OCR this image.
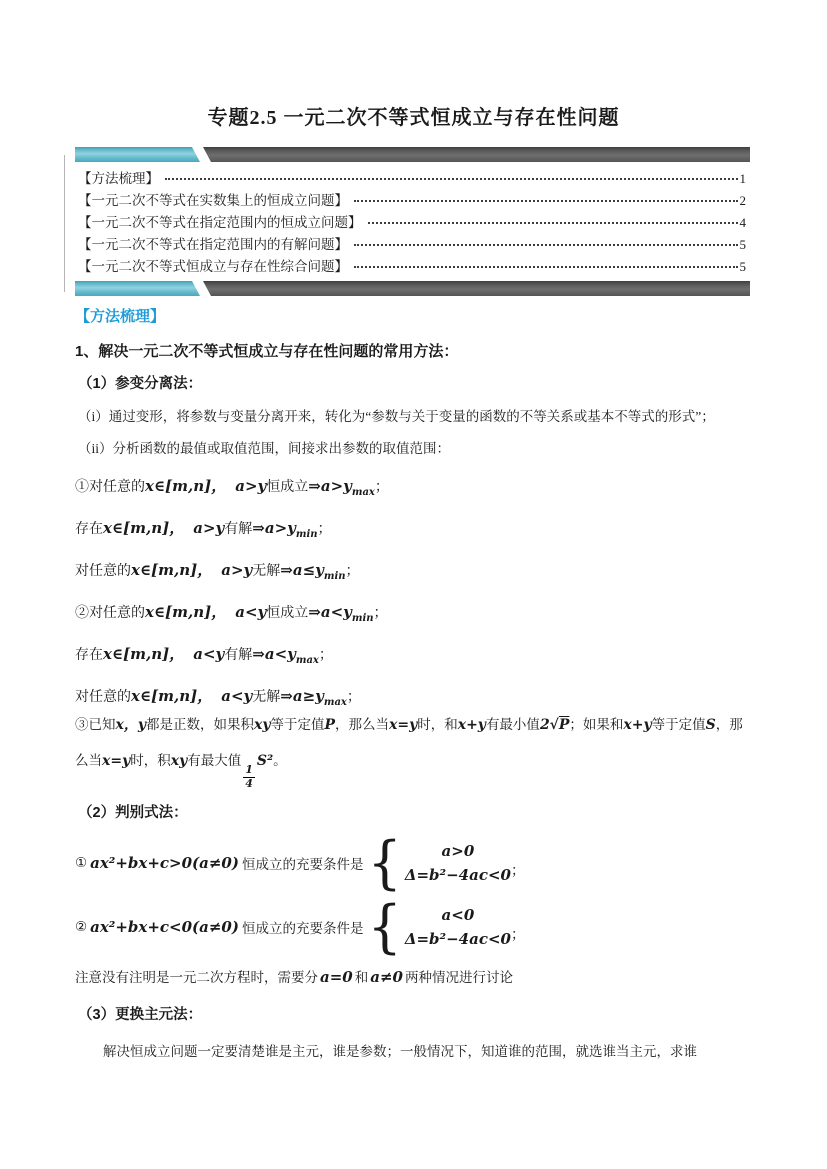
专题2.5 一元二次不等式恒成立与存在性问题
【方法梳理】	1
【一元二次不等式在实数集上的恒成立问题】	2
【一元二次不等式在指定范围内的恒成立问题】	4
【一元二次不等式在指定范围内的有解问题】	5
【一元二次不等式恒成立与存在性综合问题】	5
【方法梳理】
1、解决一元二次不等式恒成立与存在性问题的常用方法：
（1）参变分离法：
（i）通过变形，将参数与变量分离开来，转化为“参数与关于变量的函数的不等关系或基本不等式的形式”；
（ii）分析函数的最值或取值范围，间接求出参数的取值范围：
①对任意的x∈[m,n]， a>y恒成立$\Rightarrow a>y_{max}$；
存在x∈[m,n]， a>y有解$\Rightarrow a>y_{min}$；
对任意的x∈[m,n]， a>y无解$\Rightarrow a\le y_{min}$；
②对任意的x∈[m,n]， a<y恒成立$\Rightarrow a<y_{min}$；
存在x∈[m,n]， a<y有解$\Rightarrow a<y_{max}$；
对任意的x∈[m,n]， a<y无解$\Rightarrow a\ge y_{max}$；
③已知x，y都是正数，如果积xy等于定值P，那么当x=y时，和x+y有最小值2√P；如果和x+y等于定值S，那么当x=y时，积xy有最大值
$\frac{1}{4}$
S²。
（2）判别式法：
① ax²+bx+c>0(a≠0) 恒成立的充要条件是 {	a>0
Δ=b²−4ac<0 ；
② ax²+bx+c<0(a≠0) 恒成立的充要条件是 {	a<0
Δ=b²−4ac<0 ；
注意没有注明是一元二次方程时，需要分 a=0 和 a≠0 两种情况进行讨论
（3）更换主元法：
解决恒成立问题一定要清楚谁是主元，谁是参数；一般情况下，知道谁的范围，就选谁当主元，求谁
